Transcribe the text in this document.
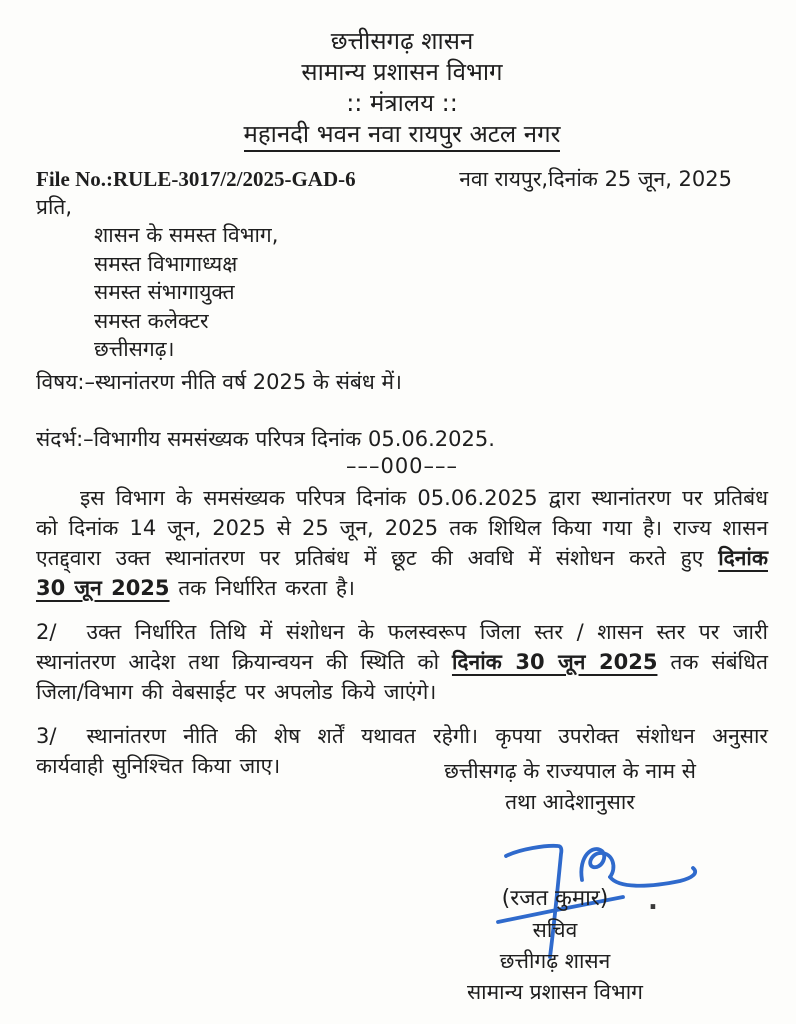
छत्तीसगढ़ शासन
सामान्य प्रशासन विभाग
:: मंत्रालय ::
महानदी भवन नवा रायपुर अटल नगर
File No.:RULE-3017/2/2025-GAD-6	नवा रायपुर,दिनांक 25 जून, 2025
प्रति,
शासन के समस्त विभाग,
समस्त विभागाध्यक्ष
समस्त संभागायुक्त
समस्त कलेक्टर
छत्तीसगढ़।
विषय:–स्थानांतरण नीति वर्ष 2025 के संबंध में।
संदर्भ:–विभागीय समसंख्यक परिपत्र दिनांक 05.06.2025.
–––000–––
इस विभाग के समसंख्यक परिपत्र दिनांक 05.06.2025 द्वारा स्थानांतरण पर प्रतिबंध
को दिनांक 14 जून, 2025 से 25 जून, 2025 तक शिथिल किया गया है। राज्य शासन
एतद्द्वारा उक्त स्थानांतरण पर प्रतिबंध में छूट की अवधि में संशोधन करते हुए दिनांक
30 जून 2025 तक निर्धारित करता है।
2/ उक्त निर्धारित तिथि में संशोधन के फलस्वरूप जिला स्तर / शासन स्तर पर जारी
स्थानांतरण आदेश तथा क्रियान्वयन की स्थिति को दिनांक 30 जून 2025 तक संबंधित
जिला/विभाग की वेबसाईट पर अपलोड किये जाएंगे।
3/ स्थानांतरण नीति की शेष शर्तें यथावत रहेगी। कृपया उपरोक्त संशोधन अनुसार
कार्यवाही सुनिश्चित किया जाए।	छत्तीसगढ़ के राज्यपाल के नाम से
तथा आदेशानुसार
.
(रजत कुमार)
सचिव
छत्तीगढ़ शासन
सामान्य प्रशासन विभाग
